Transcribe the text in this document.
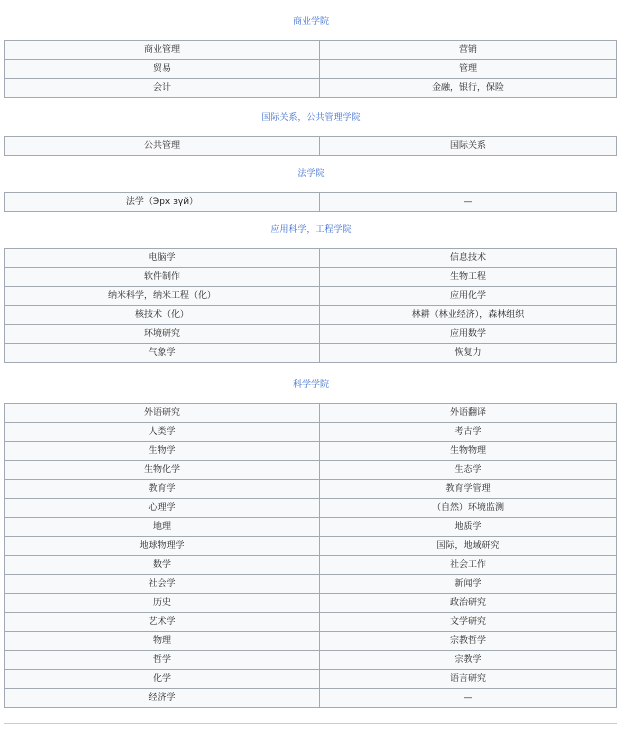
商业学院
商业管理	营销
贸易	管理
会计	金融，银行，保险
国际关系，公共管理学院
公共管理	国际关系
法学院
法学（Эрх зүй）	—
应用科学，工程学院
电脑学	信息技术
软件制作	生物工程
纳米科学，纳米工程（化）	应用化学
核技术（化）	林耕（林业经济），森林组织
环境研究	应用数学
气象学	恢复力
科学学院
外语研究	外语翻译
人类学	考古学
生物学	生物物理
生物化学	生态学
教育学	教育学管理
心理学	（自然）环境监测
地理	地质学
地球物理学	国际，地域研究
数学	社会工作
社会学	新闻学
历史	政治研究
艺术学	文学研究
物理	宗教哲学
哲学	宗教学
化学	语言研究
经济学	—
